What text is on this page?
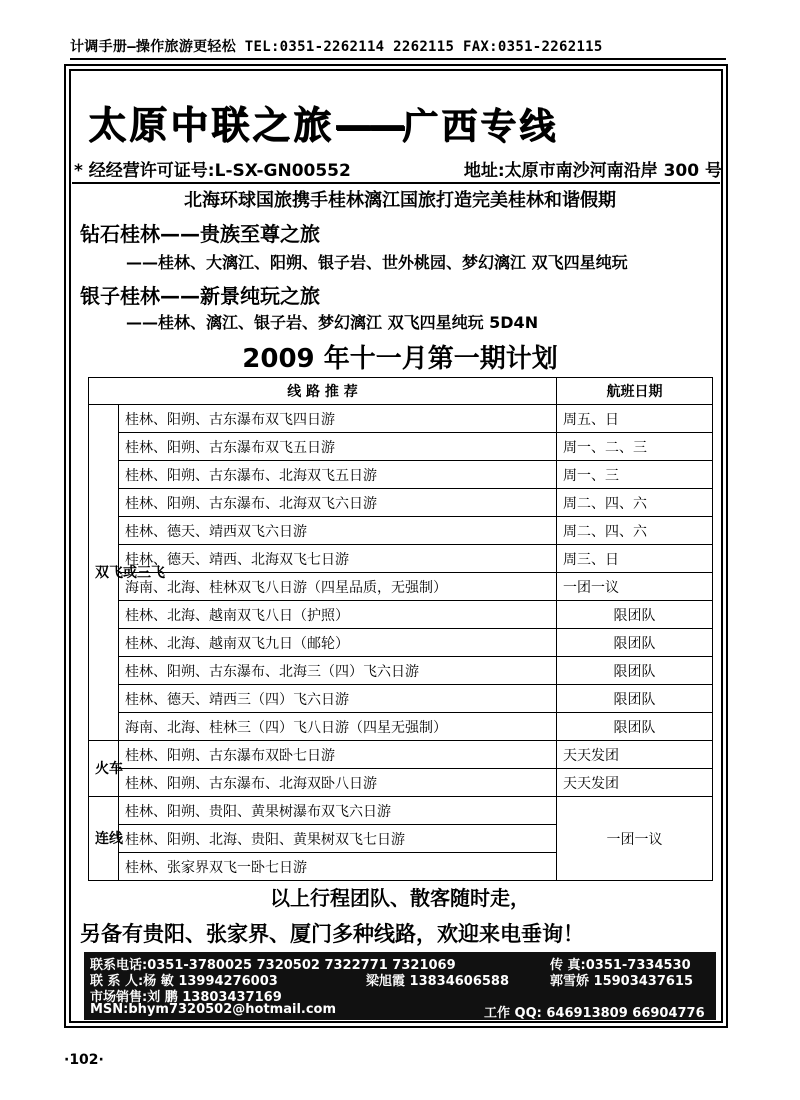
计调手册—操作旅游更轻松 TEL:0351-2262114 2262115 FAX:0351-2262115
太原中联之旅——广西专线
* 经经营许可证号:L-SX-GN00552	地址:太原市南沙河南沿岸 300 号
北海环球国旅携手桂林漓江国旅打造完美桂林和谐假期
钻石桂林——贵族至尊之旅
——桂林、大漓江、阳朔、银子岩、世外桃园、梦幻漓江 双飞四星纯玩
银子桂林——新景纯玩之旅
——桂林、漓江、银子岩、梦幻漓江 双飞四星纯玩 5D4N
2009 年十一月第一期计划
线 路 推 荐		航班日期
双飞或三飞	桂林、阳朔、古东瀑布双飞四日游	周五、日
	桂林、阳朔、古东瀑布双飞五日游	周一、二、三
	桂林、阳朔、古东瀑布、北海双飞五日游	周一、三
	桂林、阳朔、古东瀑布、北海双飞六日游	周二、四、六
	桂林、德天、靖西双飞六日游	周二、四、六
	桂林、德天、靖西、北海双飞七日游	周三、日
	海南、北海、桂林双飞八日游（四星品质，无强制）	一团一议
	桂林、北海、越南双飞八日（护照）	限团队
	桂林、北海、越南双飞九日（邮轮）	限团队
	桂林、阳朔、古东瀑布、北海三（四）飞六日游	限团队
	桂林、德天、靖西三（四）飞六日游	限团队
	海南、北海、桂林三（四）飞八日游（四星无强制）	限团队
火车	桂林、阳朔、古东瀑布双卧七日游	天天发团
	桂林、阳朔、古东瀑布、北海双卧八日游	天天发团
连线	桂林、阳朔、贵阳、黄果树瀑布双飞六日游	一团一议
	桂林、阳朔、北海、贵阳、黄果树双飞七日游	
	桂林、张家界双飞一卧七日游	
以上行程团队、散客随时走，
另备有贵阳、张家界、厦门多种线路，欢迎来电垂询！
联系电话:0351-3780025 7320502 7322771 7321069	传 真:0351-7334530
联 系 人:杨 敏 13994276003	梁旭霞 13834606588	郭雪娇 15903437615
市场销售:刘 鹏 13803437169
MSN:bhym7320502@hotmail.com	工作 QQ: 646913809 66904776
·102·
